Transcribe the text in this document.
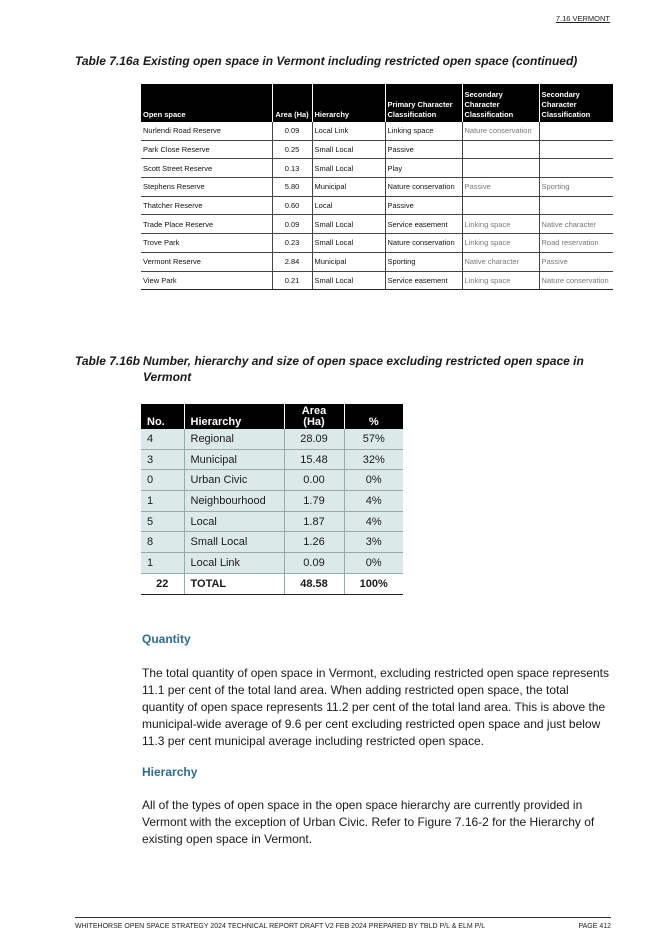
7.16 VERMONT
Table 7.16a Existing open space in Vermont including restricted open space (continued)
Open space	Area (Ha)	Hierarchy	Primary Character Classification	Secondary Character Classification	Secondary Character Classification
Nurlendi Road Reserve	0.09	Local Link	Linking space	Nature conservation	
Park Close Reserve	0.25	Small Local	Passive		
Scott Street Reserve	0.13	Small Local	Play		
Stephens Reserve	5.80	Municipal	Nature conservation	Passive	Sporting
Thatcher Reserve	0.60	Local	Passive		
Trade Place Reserve	0.09	Small Local	Service easement	Linking space	Native character
Trove Park	0.23	Small Local	Nature conservation	Linking space	Road reservation
Vermont Reserve	2.84	Municipal	Sporting	Native character	Passive
View Park	0.21	Small Local	Service easement	Linking space	Nature conservation
Table 7.16b Number, hierarchy and size of open space excluding restricted open space in Vermont
No.	Hierarchy	Area (Ha)	%
4	Regional	28.09	57%
3	Municipal	15.48	32%
0	Urban Civic	0.00	0%
1	Neighbourhood	1.79	4%
5	Local	1.87	4%
8	Small Local	1.26	3%
1	Local Link	0.09	0%
22	TOTAL	48.58	100%
Quantity
The total quantity of open space in Vermont, excluding restricted open space represents 11.1 per cent of the total land area. When adding restricted open space, the total quantity of open space represents 11.2 per cent of the total land area. This is above the municipal-wide average of 9.6 per cent excluding restricted open space and just below 11.3 per cent municipal average including restricted open space.
Hierarchy
All of the types of open space in the open space hierarchy are currently provided in Vermont with the exception of Urban Civic. Refer to Figure 7.16-2 for the Hierarchy of existing open space in Vermont.
WHITEHORSE OPEN SPACE STRATEGY 2024 TECHNICAL REPORT DRAFT V2 FEB 2024 PREPARED BY TBLD P/L & ELM P/L	PAGE 412
